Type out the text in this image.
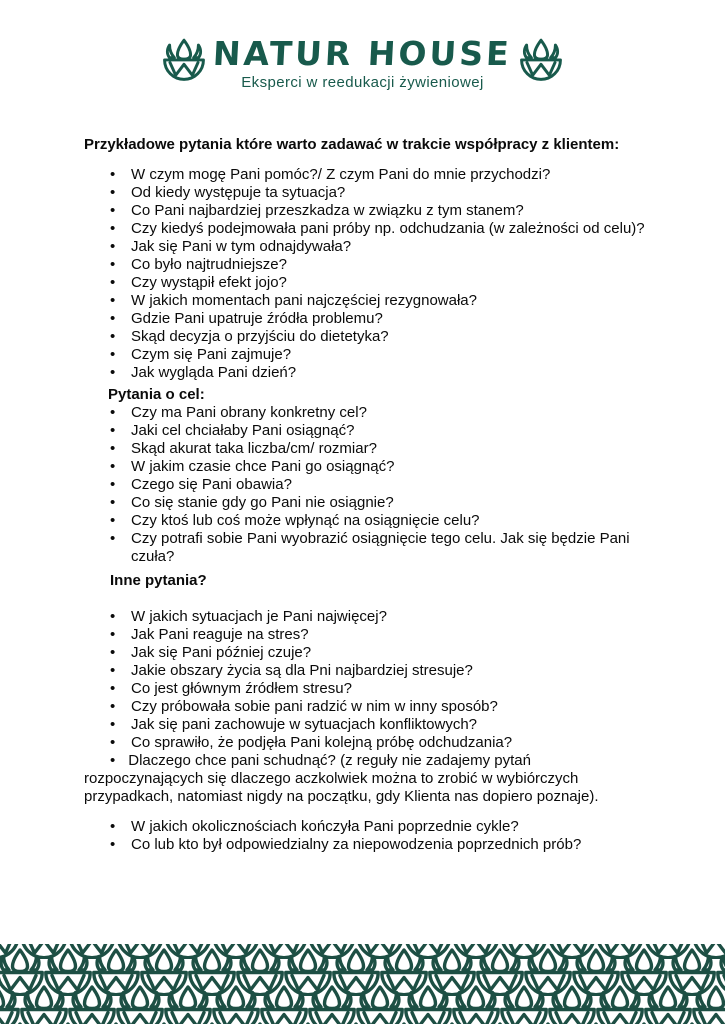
NATUR HOUSE
Eksperci w reedukacji żywieniowej

Przykładowe pytania które warto zadawać w trakcie współpracy z klientem:

• W czym mogę Pani pomóc?/ Z czym Pani do mnie przychodzi?
• Od kiedy występuje ta sytuacja?
• Co Pani najbardziej przeszkadza w związku z tym stanem?
• Czy kiedyś podejmowała pani próby np. odchudzania (w zależności od celu)?
• Jak się Pani w tym odnajdywała?
• Co było najtrudniejsze?
• Czy wystąpił efekt jojo?
• W jakich momentach pani najczęściej rezygnowała?
• Gdzie Pani upatruje źródła problemu?
• Skąd decyzja o przyjściu do dietetyka?
• Czym się Pani zajmuje?
• Jak wygląda Pani dzień?

Pytania o cel:

• Czy ma Pani obrany konkretny cel?
• Jaki cel chciałaby Pani osiągnąć?
• Skąd akurat taka liczba/cm/ rozmiar?
• W jakim czasie chce Pani go osiągnąć?
• Czego się Pani obawia?
• Co się stanie gdy go Pani nie osiągnie?
• Czy ktoś lub coś może wpłynąć na osiągnięcie celu?
• Czy potrafi sobie Pani wyobrazić osiągnięcie tego celu. Jak się będzie Pani czuła?

Inne pytania?

• W jakich sytuacjach je Pani najwięcej?
• Jak Pani reaguje na stres?
• Jak się Pani później czuje?
• Jakie obszary życia są dla Pni najbardziej stresuje?
• Co jest głównym źródłem stresu?
• Czy próbowała sobie pani radzić w nim w inny sposób?
• Jak się pani zachowuje w sytuacjach konfliktowych?
• Co sprawiło, że podjęła Pani kolejną próbę odchudzania?
• Dlaczego chce pani schudnąć? (z reguły nie zadajemy pytań rozpoczynających się dlaczego aczkolwiek można to zrobić w wybiórczych przypadkach, natomiast nigdy na początku, gdy Klienta nas dopiero poznaje).
• W jakich okolicznościach kończyła Pani poprzednie cykle?
• Co lub kto był odpowiedzialny za niepowodzenia poprzednich prób?
